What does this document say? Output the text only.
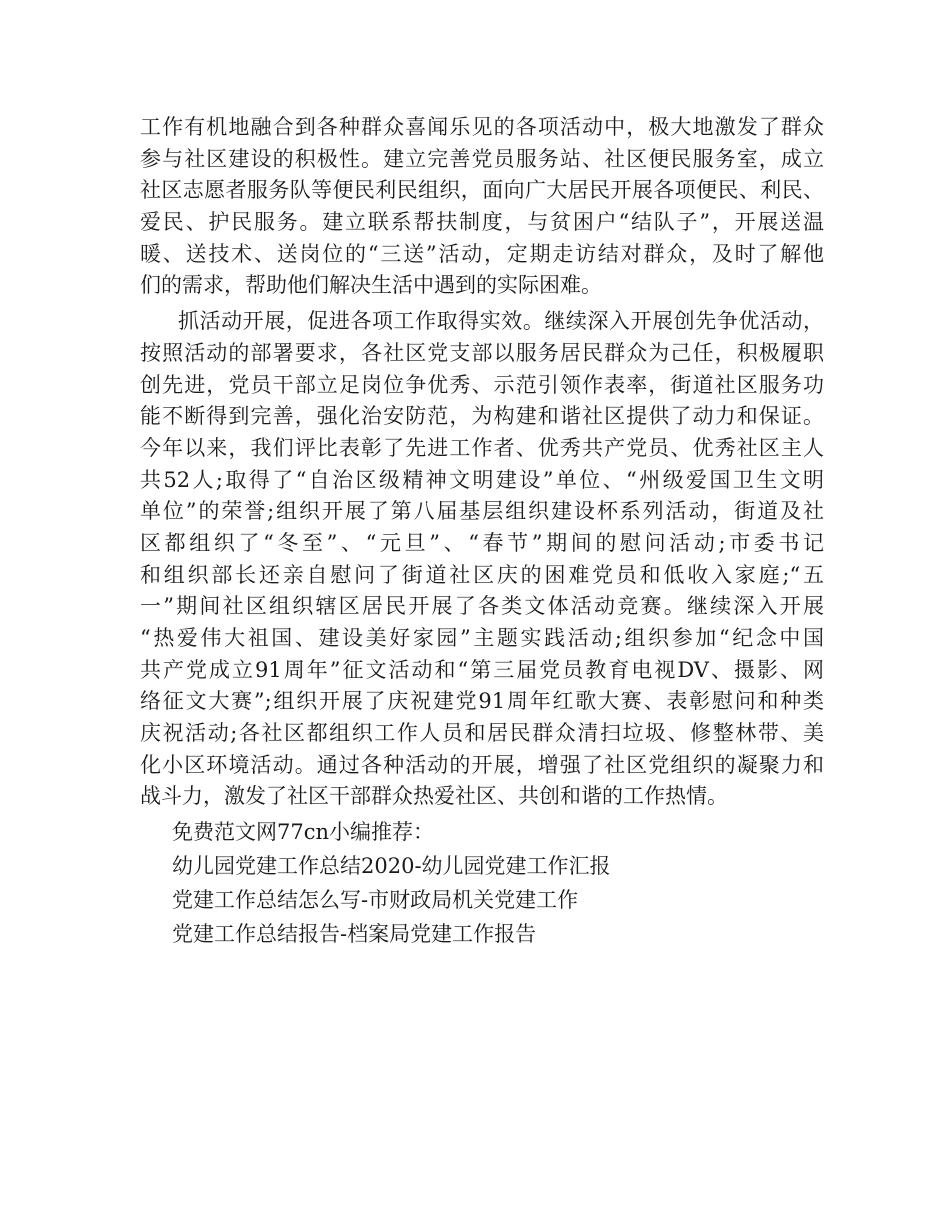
工作有机地融合到各种群众喜闻乐见的各项活动中，极大地激发了群众
参与社区建设的积极性。建立完善党员服务站、社区便民服务室，成立
社区志愿者服务队等便民利民组织，面向广大居民开展各项便民、利民、
爱民、护民服务。建立联系帮扶制度，与贫困户“结队子”，开展送温
暖、送技术、送岗位的“三送”活动，定期走访结对群众，及时了解他
们的需求，帮助他们解决生活中遇到的实际困难。
抓活动开展，促进各项工作取得实效。继续深入开展创先争优活动，
按照活动的部署要求，各社区党支部以服务居民群众为己任，积极履职
创先进，党员干部立足岗位争优秀、示范引领作表率，街道社区服务功
能不断得到完善，强化治安防范，为构建和谐社区提供了动力和保证。
今年以来，我们评比表彰了先进工作者、优秀共产党员、优秀社区主人
共52人;取得了“自治区级精神文明建设”单位、“州级爱国卫生文明
单位”的荣誉;组织开展了第八届基层组织建设杯系列活动，街道及社
区都组织了“冬至”、“元旦”、“春节”期间的慰问活动;市委书记
和组织部长还亲自慰问了街道社区庆的困难党员和低收入家庭;“五
一”期间社区组织辖区居民开展了各类文体活动竞赛。继续深入开展
“热爱伟大祖国、建设美好家园”主题实践活动;组织参加“纪念中国
共产党成立91周年”征文活动和“第三届党员教育电视DV、摄影、网
络征文大赛”;组织开展了庆祝建党91周年红歌大赛、表彰慰问和种类
庆祝活动;各社区都组织工作人员和居民群众清扫垃圾、修整林带、美
化小区环境活动。通过各种活动的开展，增强了社区党组织的凝聚力和
战斗力，激发了社区干部群众热爱社区、共创和谐的工作热情。
免费范文网77cn小编推荐：
幼儿园党建工作总结2020-幼儿园党建工作汇报
党建工作总结怎么写-市财政局机关党建工作
党建工作总结报告-档案局党建工作报告
